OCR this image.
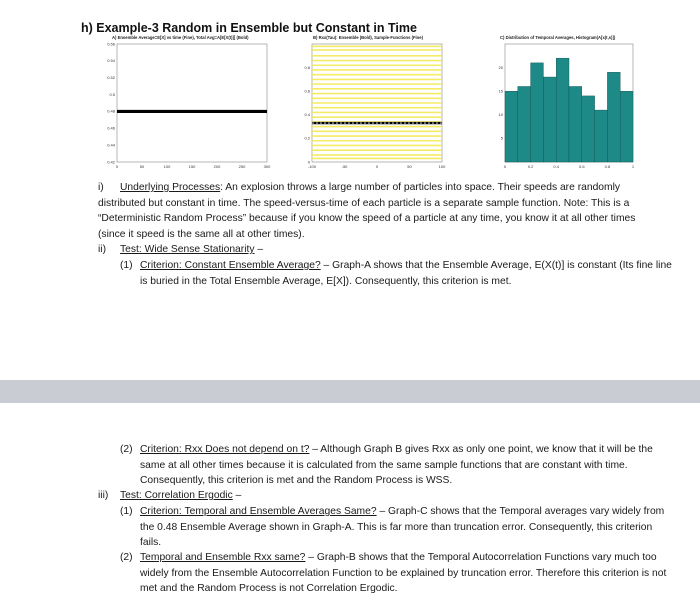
h) Example-3 Random in Ensemble but Constant in Time
A) Ensemble Average=E[X] vs time (Fine), Total Avg=A[E[X(t)]] (Bold)
0.56
0.54
0.52
0.5
0.48
0.46
0.44
0.42
0	50	100	150	200	250	300
B) Rxx(Tau): Ensemble (Bold), Sample-Functions (Fine)
0.8
0.6
0.4
0.2
0
-100	-50	0	50	100
C) Distribution of Temporal Averages, Histogram(A[x(t,s)])
20
15
10
5
0	0.2	0.4	0.6	0.8	1
i) Underlying Processes: An explosion throws a large number of particles into space. Their speeds are randomly distributed but constant in time. The speed-versus-time of each particle is a separate sample function. Note: This is a “Deterministic Random Process” because if you know the speed of a particle at any time, you know it at all other times (since it speed is the same all at other times).
ii) Test: Wide Sense Stationarity –
(1) Criterion: Constant Ensemble Average? – Graph-A shows that the Ensemble Average, E(X(t)] is constant (Its fine line is buried in the Total Ensemble Average, E[X]). Consequently, this criterion is met.
(2) Criterion: Rxx Does not depend on t? – Although Graph B gives Rxx as only one point, we know that it will be the same at all other times because it is calculated from the same sample functions that are constant with time. Consequently, this criterion is met and the Random Process is WSS.
iii) Test: Correlation Ergodic –
(1) Criterion: Temporal and Ensemble Averages Same? – Graph-C shows that the Temporal averages vary widely from the 0.48 Ensemble Average shown in Graph-A. This is far more than truncation error. Consequently, this criterion fails.
(2) Temporal and Ensemble Rxx same? – Graph-B shows that the Temporal Autocorrelation Functions vary much too widely from the Ensemble Autocorrelation Function to be explained by truncation error. Therefore this criterion is not met and the Random Process is not Correlation Ergodic.
